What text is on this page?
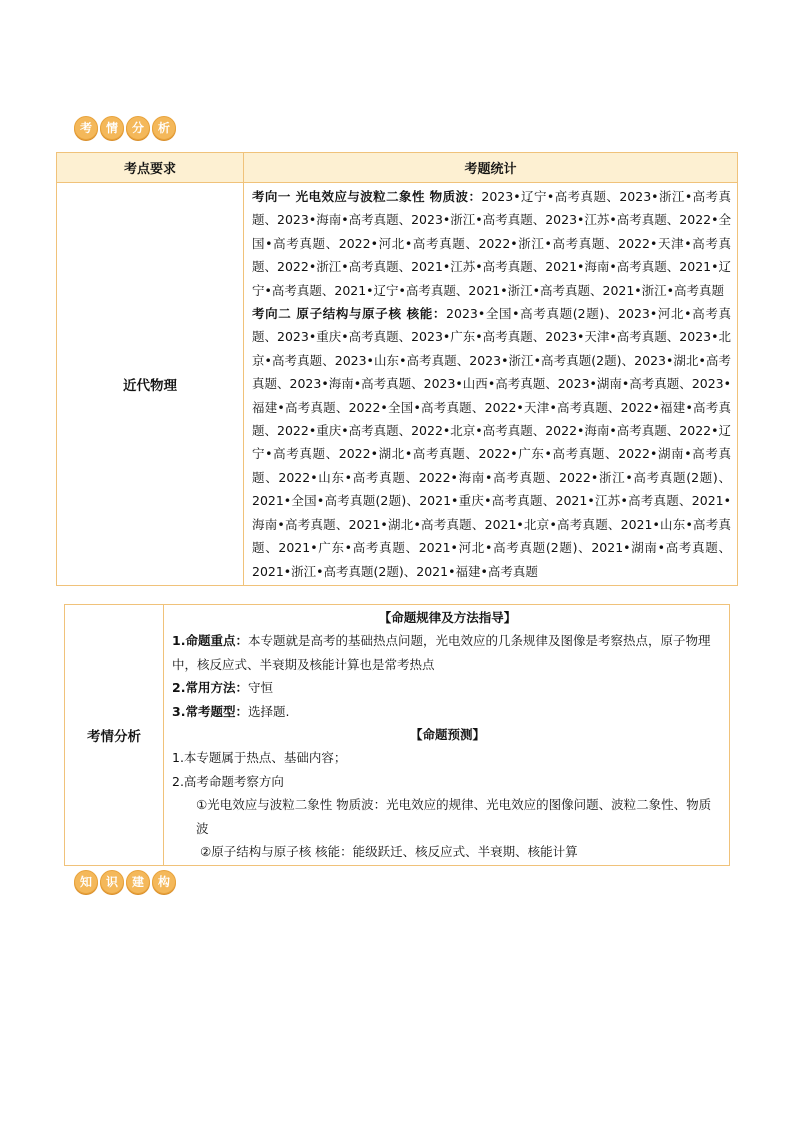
考	情	分	析
考点要求	考题统计
近代物理	考向一 光电效应与波粒二象性 物质波：2023•辽宁•高考真题、2023•浙江•高考真题、2023•海南•高考真题、2023•浙江•高考真题、2023•江苏•高考真题、2022•全国•高考真题、2022•河北•高考真题、2022•浙江•高考真题、2022•天津•高考真题、2022•浙江•高考真题、2021•江苏•高考真题、2021•海南•高考真题、2021•辽宁•高考真题、2021•辽宁•高考真题、2021•浙江•高考真题、2021•浙江•高考真题
考向二 原子结构与原子核 核能：2023•全国•高考真题(2题)、2023•河北•高考真题、2023•重庆•高考真题、2023•广东•高考真题、2023•天津•高考真题、2023•北京•高考真题、2023•山东•高考真题、2023•浙江•高考真题(2题)、2023•湖北•高考真题、2023•海南•高考真题、2023•山西•高考真题、2023•湖南•高考真题、2023•福建•高考真题、2022•全国•高考真题、2022•天津•高考真题、2022•福建•高考真题、2022•重庆•高考真题、2022•北京•高考真题、2022•海南•高考真题、2022•辽宁•高考真题、2022•湖北•高考真题、2022•广东•高考真题、2022•湖南•高考真题、2022•山东•高考真题、2022•海南•高考真题、2022•浙江•高考真题(2题)、2021•全国•高考真题(2题)、2021•重庆•高考真题、2021•江苏•高考真题、2021•海南•高考真题、2021•湖北•高考真题、2021•北京•高考真题、2021•山东•高考真题、2021•广东•高考真题、2021•河北•高考真题(2题)、2021•湖南•高考真题、2021•浙江•高考真题(2题)、2021•福建•高考真题
考情分析	
【命题规律及方法指导】
1.命题重点：本专题就是高考的基础热点问题，光电效应的几条规律及图像是考察热点，原子物理中，核反应式、半衰期及核能计算也是常考热点
2.常用方法：守恒
3.常考题型：选择题.
【命题预测】
1.本专题属于热点、基础内容；
2.高考命题考察方向
①光电效应与波粒二象性 物质波：光电效应的规律、光电效应的图像问题、波粒二象性、物质波
②原子结构与原子核 核能：能级跃迁、核反应式、半衰期、核能计算
知	识	建	构
